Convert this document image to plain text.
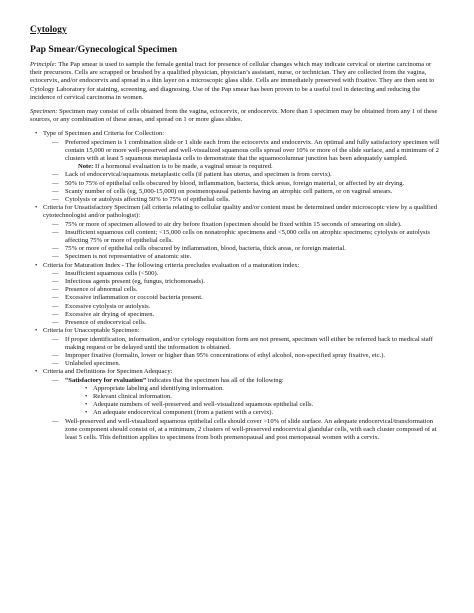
Cytology
Pap Smear/Gynecological Specimen

Principle: The Pap smear is used to sample the female genital tract for presence of cellular changes which may indicate cervical or uterine carcinoma or their precursors. Cells are scrapped or brushed by a qualified physician, physician’s assistant, nurse, or technician. They are collected from the vagina, ectocervix, and/or endocervix and spread in a thin layer on a microscopic glass slide. Cells are immediately preserved with fixative. They are then sent to Cytology Laboratory for staining, screening, and diagnosing. Use of the Pap smear has been proven to be a useful tool in detecting and reducing the incidence of cervical carcinoma in women.

Specimen: Specimen may consist of cells obtained from the vagina, ectocervix, or endocervix. More than 1 specimen may be obtained from any 1 of these sources, or any combination of these areas, and spread on 1 or more glass slides.

• Type of Specimen and Criteria for Collection:
— Preferred specimen is 1 combination slide or 1 slide each from the ectocervix and endocervix. An optimal and fully satisfactory specimen will contain 15,000 or more well-preserved and well-visualized squamous cells spread over 10% or more of the slide surface, and a minimum of 2 clusters with at least 5 squamous metaplasia cells to demonstrate that the squamocolumnar junction has been adequately sampled.
Note: If a hormonal evaluation is to be made, a vaginal smear is required.
— Lack of endocervical/squamous metaplastic cells (if patient has uterus, and specimen is from cervix).
— 50% to 75% of epithelial cells obscured by blood, inflammation, bacteria, thick areas, foreign material, or affected by air drying.
— Scanty number of cells (eg, 5,000-15,000) on postmenopausal patients having an atrophic cell pattern, or on vaginal smears.
— Cytolysis or autolysis affecting 50% to 75% of epithelial cells.
• Criteria for Unsatisfactory Specimen (all criteria relating to cellular quality and/or content must be determined under microscopic view by a qualified cytotechnologist and/or pathologist):
— 75% or more of specimen allowed to air dry before fixation (specimen should be fixed within 15 seconds of smearing on slide).
— Insufficient squamous cell content; <15,000 cells on nonatrophic specimens and <5,000 cells on atrophic specimens; cytolysis or autolysis affecting 75% or more of epithelial cells.
— 75% or more of epithelial cells obscured by inflammation, blood, bacteria, thick areas, or foreign material.
— Specimen is not representative of anatomic site.
• Criteria for Maturation Index - The following criteria precludes evaluation of a maturation index:
— Insufficient squamous cells (<500).
— Infectious agents present (eg, fungus, trichomonads).
— Presence of abnormal cells.
— Excessive inflammation or coccoid bacteria present.
— Excessive cytolysis or autolysis.
— Excessive air drying of specimen.
— Presence of endocervical cells.
• Criteria for Unacceptable Specimen:
— If proper identification, information, and/or cytology requisition form are not present, specimen will either be referred back to medical staff making request or be delayed until the information is obtained.
— Improper fixative (formalin, lower or higher than 95% concentrations of ethyl alcohol, non-specified spray fixative, etc.).
— Unlabeled specimen.
• Criteria and Definitions for Specimen Adequacy:
— “Satisfactory for evaluation” indicates that the specimen has all of the following:
• Appropriate labeling and identifying information.
• Relevant clinical information.
• Adequate numbers of well-preserved and well-visualized squamous epithelial cells.
• An adequate endocervical component (from a patient with a cervix).
— Well-preserved and well-visualized squamous epithelial cells should cover >10% of slide surface. An adequate endocervical/transformation zone component should consist of, at a minimum, 2 clusters of well-preserved endocervical glandular cells, with each cluster composed of at least 5 cells. This definition applies to specimens from both premenopausal and post menopausal women with a cervix.
